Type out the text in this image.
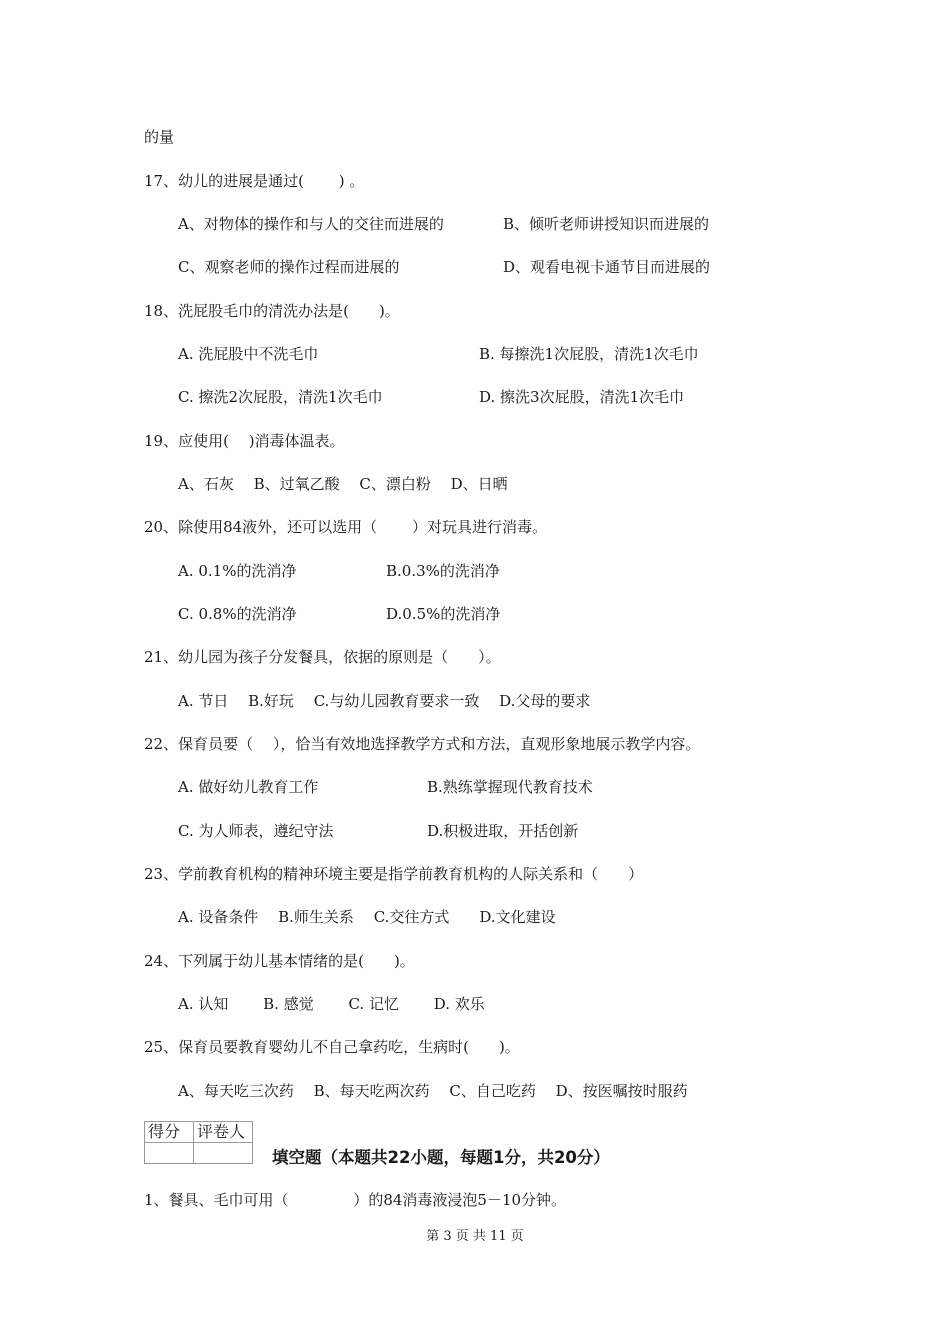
的量
17、幼儿的进展是通过(　　 ) 。
A、对物体的操作和与人的交往而进展的	B、倾听老师讲授知识而进展的
C、观察老师的操作过程而进展的	D、观看电视卡通节目而进展的
18、洗屁股毛巾的清洗办法是(　　)。
A. 洗屁股中不洗毛巾	B. 每擦洗1次屁股，清洗1次毛巾
C. 擦洗2次屁股，清洗1次毛巾	D. 擦洗3次屁股，清洗1次毛巾
19、应使用(　 )消毒体温表。
A、石灰　 B、过氧乙酸　 C、漂白粉　 D、日晒
20、除使用84液外，还可以选用（　　 ）对玩具进行消毒。
A. 0.1%的洗消净	B.0.3%的洗消净
C. 0.8%的洗消净	D.0.5%的洗消净
21、幼儿园为孩子分发餐具，依据的原则是（　　）。
A. 节日　 B.好玩　 C.与幼儿园教育要求一致　 D.父母的要求
22、保育员要（　 ），恰当有效地选择教学方式和方法，直观形象地展示教学内容。
A. 做好幼儿教育工作	B.熟练掌握现代教育技术
C. 为人师表，遵纪守法	D.积极进取，开括创新
23、学前教育机构的精神环境主要是指学前教育机构的人际关系和（　　）
A. 设备条件　 B.师生关系　 C.交往方式　　D.文化建设
24、下列属于幼儿基本情绪的是(　　)。
A. 认知　　 B. 感觉　　 C. 记忆　　 D. 欢乐
25、保育员要教育婴幼儿不自己拿药吃，生病时(　　)。
A、每天吃三次药　 B、每天吃两次药　 C、自己吃药　 D、按医嘱按时服药
得分	评卷人

填空题（本题共22小题，每题1分，共20分）
1、餐具、毛巾可用（　　　　 ）的84消毒液浸泡5－10分钟。
第 3 页 共 11 页
